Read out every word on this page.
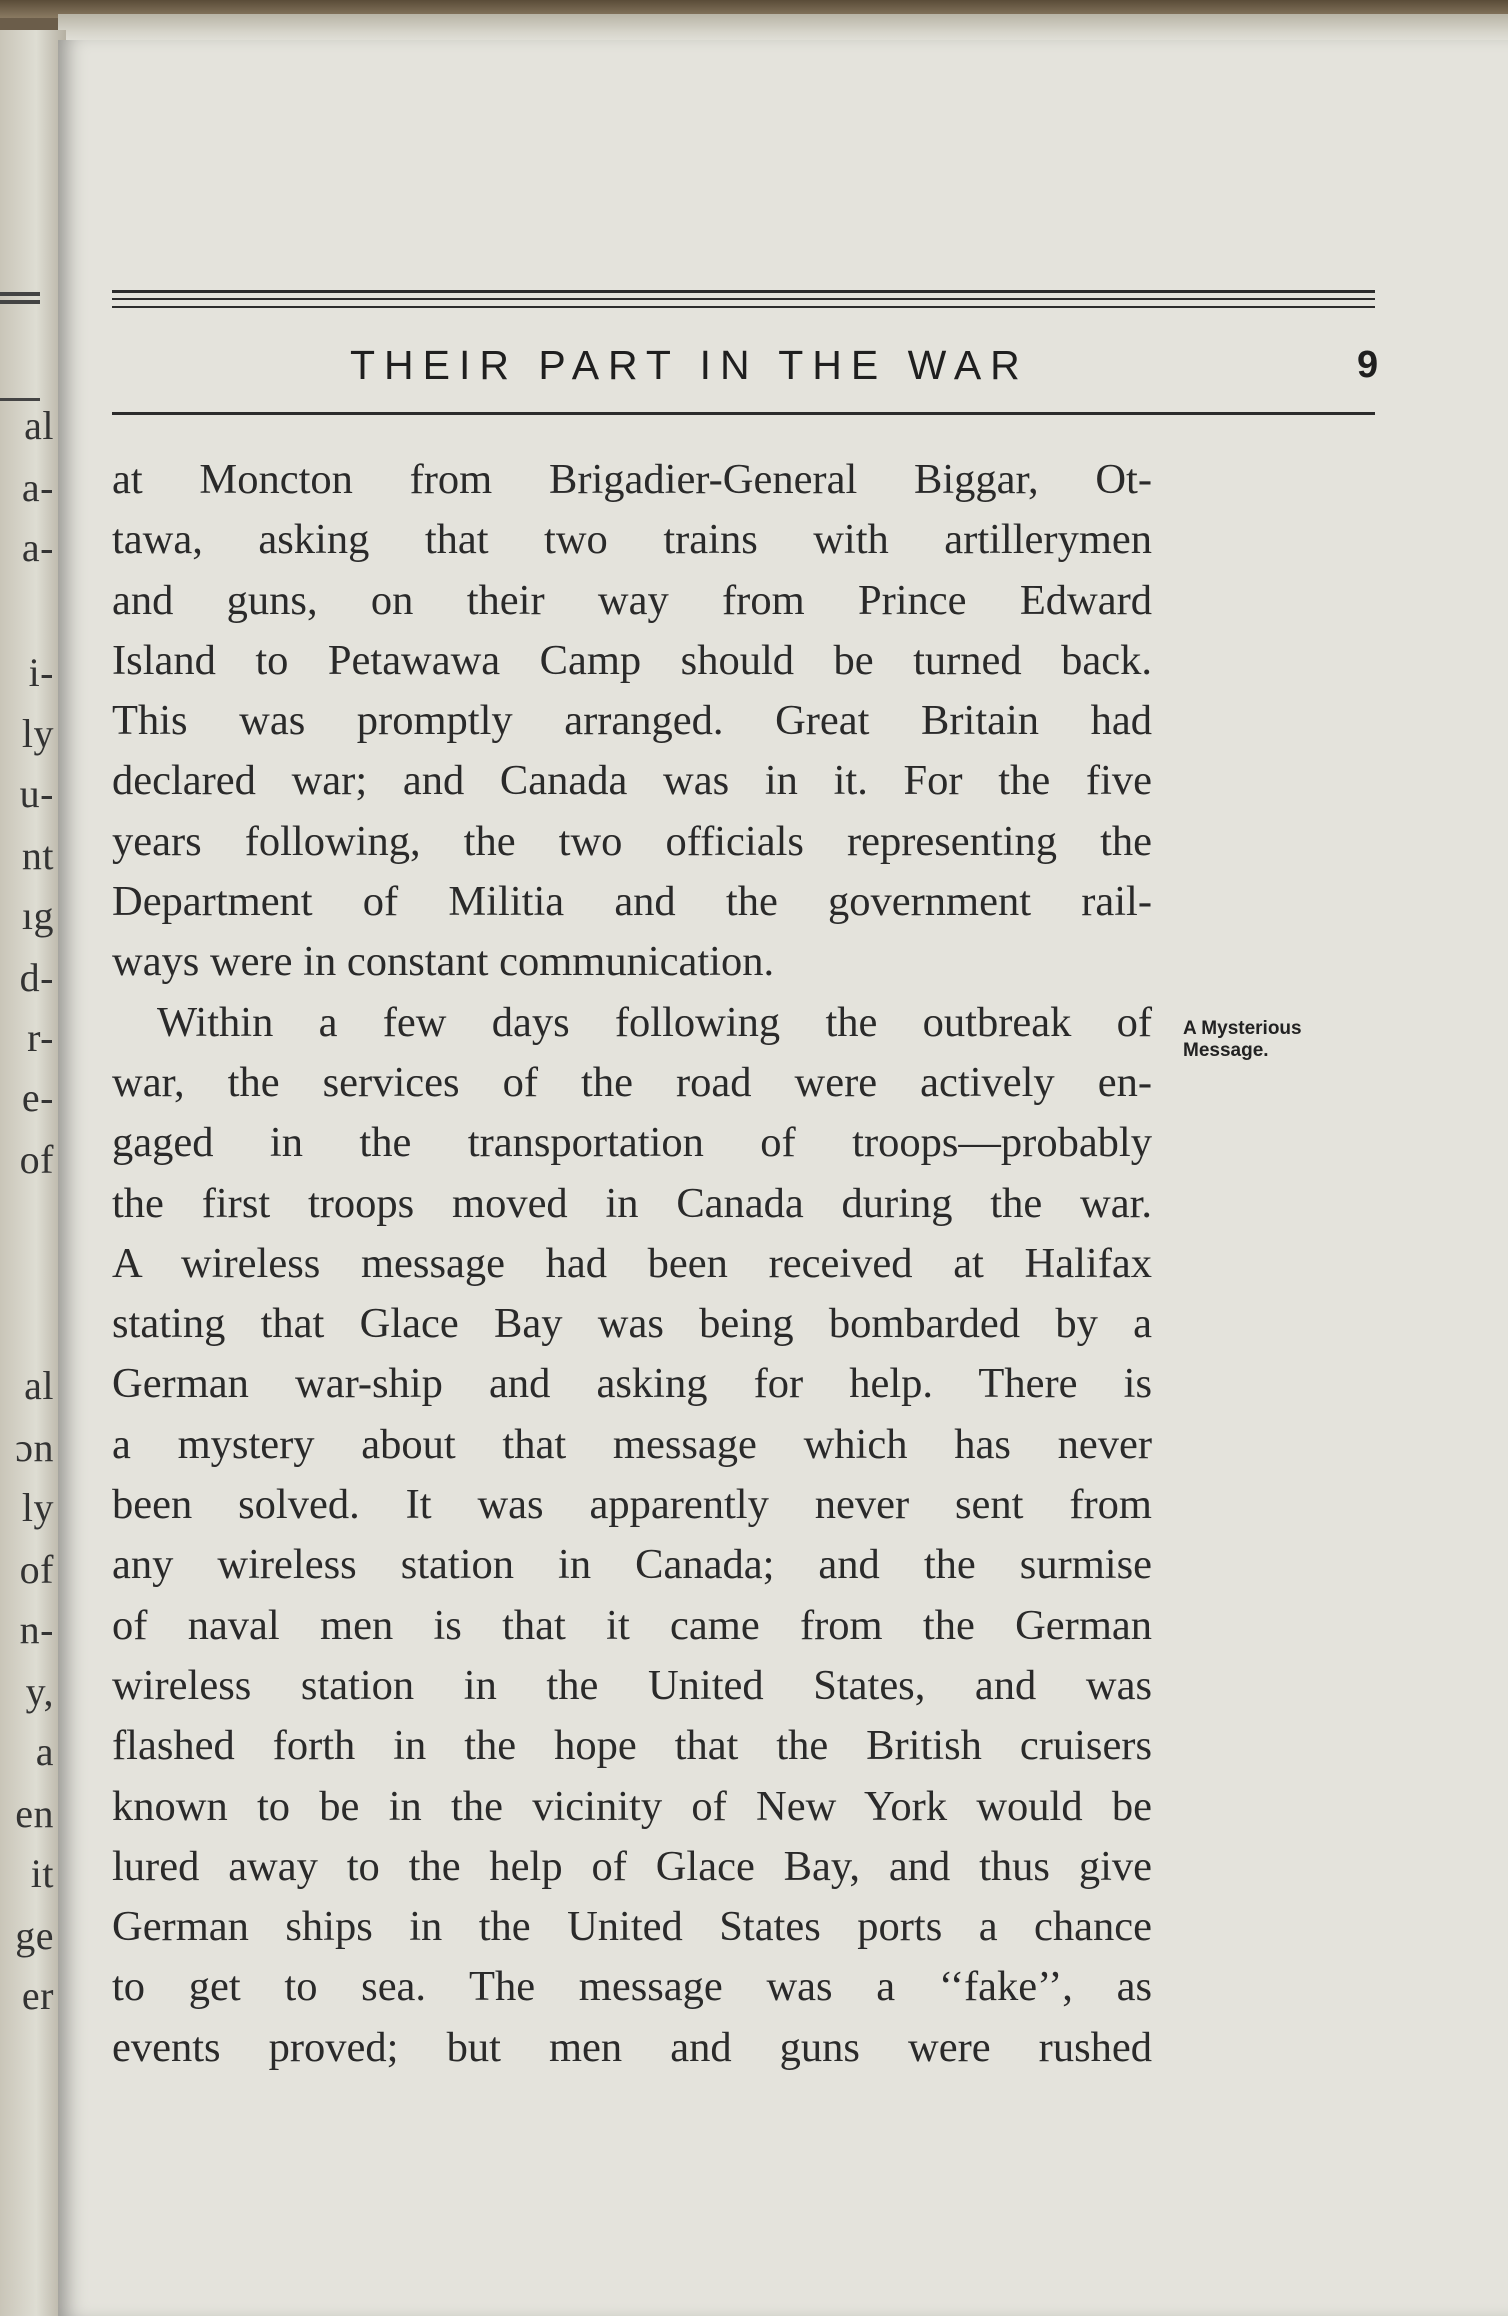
al
a-
a-
i-
ly
u-
nt
ıg
d-
r-
e-
of
al
ɔn
ly
of
n-
y,
a
en
it
ge
er
THEIR PART IN THE WAR	9
at Moncton from Brigadier-General Biggar, Ot-
tawa, asking that two trains with artillerymen
and guns, on their way from Prince Edward
Island to Petawawa Camp should be turned back.
This was promptly arranged. Great Britain had
declared war; and Canada was in it. For the five
years following, the two officials representing the
Department of Militia and the government rail-
ways were in constant communication.
Within a few days following the outbreak of
war, the services of the road were actively en-
gaged in the transportation of troops—probably
the first troops moved in Canada during the war.
A wireless message had been received at Halifax
stating that Glace Bay was being bombarded by a
German war-ship and asking for help. There is
a mystery about that message which has never
been solved. It was apparently never sent from
any wireless station in Canada; and the surmise
of naval men is that it came from the German
wireless station in the United States, and was
flashed forth in the hope that the British cruisers
known to be in the vicinity of New York would be
lured away to the help of Glace Bay, and thus give
German ships in the United States ports a chance
to get to sea. The message was a ‘‘fake’’, as
events proved; but men and guns were rushed
A Mysterious
Message.
